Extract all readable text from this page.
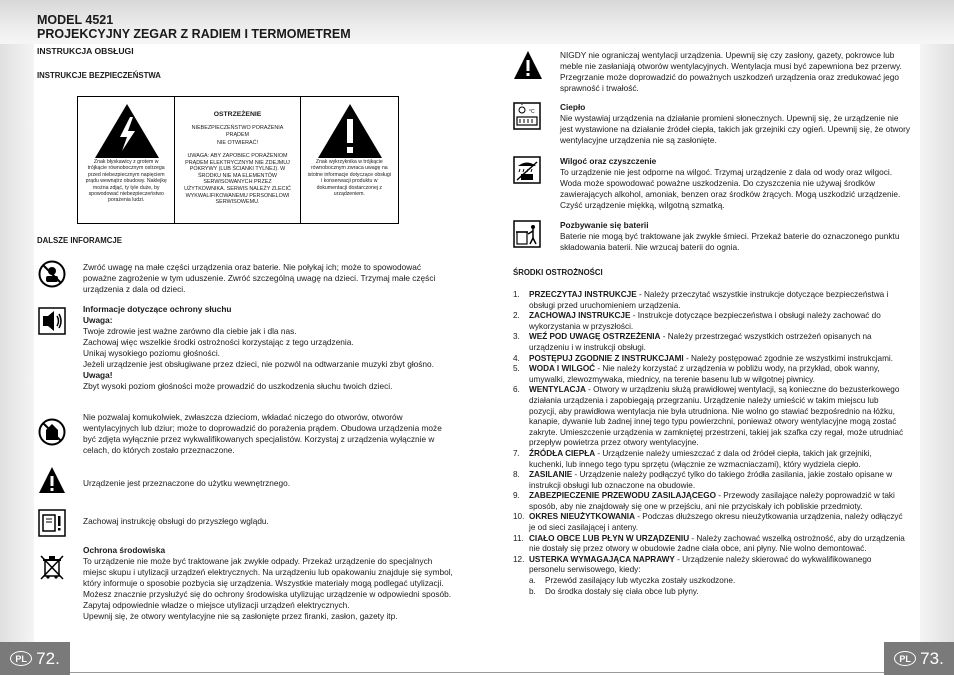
MODEL 4521
PROJEKCYJNY ZEGAR Z RADIEM I TERMOMETREM
INSTRUKCJA OBSŁUGI
INSTRUKCJE BEZPIECZEŃSTWA
Znak błyskawicy z grotem w trójkącie równobocznym ostrzega przed niebezpiecznym napięciem prądu wewnątrz obudowy. Naklejkę można zdjąć, ty tyle duże, by spowodować niebezpieczeństwo porażenia ludzi.
OSTRZEŻENIE
NIEBEZPIECZEŃSTWO PORAŻENIA PRĄDEM
NIE OTWIERAĆ!
UWAGA: ABY ZAPOBIEC PORAŻENIOM PRĄDEM ELEKTRYCZNYM NIE ZDEJMUJ POKRYWY (LUB ŚCIANKI TYLNEJ). W ŚRODKU NIE MA ELEMENTÓW SERWISOWANYCH PRZEZ UŻYTKOWNIKA. SERWIS NALEŻY ZLECIĆ WYKWALIFIKOWANEMU PERSONELOWI SERWISOWEMU.
Znak wykrzyknika w trójkącie równobocznym zwraca uwagę na istotne informacje dotyczące obsługi i konserwacji produktu w dokumentacji dostarczonej z urządzeniem.
DALSZE INFORAMCJE
Zwróć uwagę na małe części urządzenia oraz baterie. Nie połykaj ich; może to spowodować poważne zagrożenie w tym uduszenie. Zwróć szczególną uwagę na dzieci. Trzymaj małe części urządzenia z dala od dzieci.
Informacje dotyczące ochrony słuchu
Uwaga:
Twoje zdrowie jest ważne zarówno dla ciebie jak i dla nas.
Zachowaj więc wszelkie środki ostrożności korzystając z tego urządzenia.
Unikaj wysokiego poziomu głośności.
Jeżeli urządzenie jest obsługiwane przez dzieci, nie pozwól na odtwarzanie muzyki zbyt głośno.
Uwaga!
Zbyt wysoki poziom głośności może prowadzić do uszkodzenia słuchu twoich dzieci.
Nie pozwalaj komukolwiek, zwłaszcza dzieciom, wkładać niczego do otworów, otworów wentylacyjnych lub dziur; może to doprowadzić do porażenia prądem. Obudowa urządzenia może być zdjęta wyłącznie przez wykwalifikowanych specjalistów. Korzystaj z urządzenia wyłącznie w celach, do których zostało przeznaczone.
Urządzenie jest przeznaczone do użytku wewnętrznego.
Zachowaj instrukcję obsługi do przyszłego wglądu.
Ochrona środowiska
To urządzenie nie może być traktowane jak zwykłe odpady. Przekaż urządzenie do specjalnych miejsc skupu i utylizacji urządzeń elektrycznych. Na urządzeniu lub opakowaniu znajduje się symbol, który informuje o sposobie pozbycia się urządzenia. Wszystkie materiały mogą podlegać utylizacji. Możesz znacznie przysłużyć się do ochrony środowiska utylizując urządzenie w odpowiedni sposób. Zapytaj odpowiednie władze o miejsce utylizacji urządzeń elektrycznych.
Upewnij się, że otwory wentylacyjne nie są zasłonięte przez firanki, zasłon, gazety itp.
PL 72.
NIGDY nie ograniczaj wentylacji urządzenia. Upewnij się czy zasłony, gazety, pokrowce lub meble nie zasłaniają otworów wentylacyjnych. Wentylacja musi być zapewniona bez przerwy. Przegrzanie może doprowadzić do poważnych uszkodzeń urządzenia oraz zredukować jego sprawność i trwałość.
°C	Ciepło
Nie wystawiaj urządzenia na działanie promieni słonecznych. Upewnij się, że urządzenie nie jest wystawione na działanie źródeł ciepła, takich jak grzejniki czy ogień. Upewnij się, że otwory wentylacyjne urządzenia nie są zasłonięte.
Wilgoć oraz czyszczenie
To urządzenie nie jest odporne na wilgoć. Trzymaj urządzenie z dala od wody oraz wilgoci. Woda może spowodować poważne uszkodzenia. Do czyszczenia nie używaj środków zawierających alkohol, amoniak, benzen oraz środków żrących. Mogą uszkodzić urządzenie. Czyść urządzenie miękką, wilgotną szmatką.
Pozbywanie się baterii
Baterie nie mogą być traktowane jak zwykłe śmieci. Przekaż baterie do oznaczonego punktu składowania baterii. Nie wrzucaj baterii do ognia.
ŚRODKI OSTROŻNOŚCI
1.	PRZECZYTAJ INSTRUKCJE - Należy przeczytać wszystkie instrukcje dotyczące bezpieczeństwa i obsługi przed uruchomieniem urządzenia.
2.	ZACHOWAJ INSTRUKCJE - Instrukcje dotyczące bezpieczeństwa i obsługi należy zachować do wykorzystania w przyszłości.
3.	WEŹ POD UWAGĘ OSTRZEŻENIA - Należy przestrzegać wszystkich ostrzeżeń opisanych na urządzeniu i w instrukcji obsługi.
4.	POSTĘPUJ ZGODNIE Z INSTRUKCJAMI - Należy postępować zgodnie ze wszystkimi instrukcjami.
5.	WODA I WILGOĆ - Nie należy korzystać z urządzenia w pobliżu wody, na przykład, obok wanny, umywalki, zlewozmywaka, miednicy, na terenie basenu lub w wilgotnej piwnicy.
6.	WENTYLACJA - Otwory w urządzeniu służą prawidłowej wentylacji, są konieczne do bezusterkowego działania urządzenia i zapobiegają przegrzaniu. Urządzenie należy umieścić w takim miejscu lub pozycji, aby prawidłowa wentylacja nie była utrudniona. Nie wolno go stawiać bezpośrednio na łóżku, kanapie, dywanie lub żadnej innej tego typu powierzchni, ponieważ otwory wentylacyjne mogą zostać zakryte. Umieszczenie urządzenia w zamkniętej przestrzeni, takiej jak szafka czy regał, może utrudniać przepływ powietrza przez otwory wentylacyjne.
7.	ŹRÓDŁA CIEPŁA - Urządzenie należy umieszczać z dala od źródeł ciepła, takich jak grzejniki, kuchenki, lub innego tego typu sprzętu (włącznie ze wzmacniaczami), który wydziela ciepło.
8.	ZASILANIE - Urządzenie należy podłączyć tylko do takiego źródła zasilania, jakie zostało opisane w instrukcji obsługi lub oznaczone na obudowie.
9.	ZABEZPIECZENIE PRZEWODU ZASILAJĄCEGO - Przewody zasilające należy poprowadzić w taki sposób, aby nie znajdowały się one w przejściu, ani nie przyciskały ich pobliskie przedmioty.
10. OKRES NIEUŻYTKOWANIA - Podczas dłuższego okresu nieużytkowania urządzenia, należy odłączyć je od sieci zasilającej i anteny.
11. CIAŁO OBCE LUB PŁYN W URZĄDZENIU - Należy zachować wszelką ostrożność, aby do urządzenia nie dostały się przez otwory w obudowie żadne ciała obce, ani płyny. Nie wolno demontować.
12. USTERKA WYMAGAJĄCA NAPRAWY - Urządzenie należy skierować do wykwalifikowanego personelu serwisowego, kiedy:
a.	Przewód zasilający lub wtyczka zostały uszkodzone.
b.	Do środka dostały się ciała obce lub płyny.
PL 73.
